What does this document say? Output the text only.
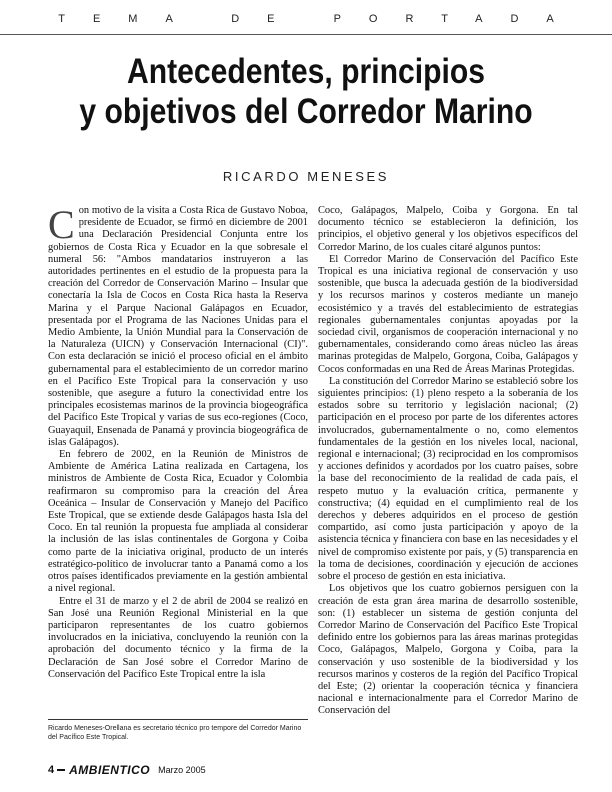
TEMA DE PORTADA
Antecedentes, principios
y objetivos del Corredor Marino
RICARDO MENESES

Con motivo de la visita a Costa Rica de Gustavo Noboa, presidente de Ecuador, se firmó en diciembre de 2001 una Declaración Presidencial Conjunta entre los gobiernos de Costa Rica y Ecuador en la que sobresale el numeral 56: "Ambos mandatarios instruyeron a las autoridades pertinentes en el estudio de la propuesta para la creación del Corredor de Conservación Marino – Insular que conectaría la Isla de Cocos en Costa Rica hasta la Reserva Marina y el Parque Nacional Galápagos en Ecuador, presentada por el Programa de las Naciones Unidas para el Medio Ambiente, la Unión Mundial para la Conservación de la Naturaleza (UICN) y Conservación Internacional (CI)". Con esta declaración se inició el proceso oficial en el ámbito gubernamental para el establecimiento de un corredor marino en el Pacífico Este Tropical para la conservación y uso sostenible, que asegure a futuro la conectividad entre los principales ecosistemas marinos de la provincia biogeográfica del Pacífico Este Tropical y varias de sus eco-regiones (Coco, Guayaquil, Ensenada de Panamá y provincia biogeográfica de islas Galápagos).

En febrero de 2002, en la Reunión de Ministros de Ambiente de América Latina realizada en Cartagena, los ministros de Ambiente de Costa Rica, Ecuador y Colombia reafirmaron su compromiso para la creación del Área Oceánica – Insular de Conservación y Manejo del Pacífico Este Tropical, que se extiende desde Galápagos hasta Isla del Coco. En tal reunión la propuesta fue ampliada al considerar la inclusión de las islas continentales de Gorgona y Coiba como parte de la iniciativa original, producto de un interés estratégico-político de involucrar tanto a Panamá como a los otros países identificados previamente en la gestión ambiental a nivel regional.

Entre el 31 de marzo y el 2 de abril de 2004 se realizó en San José una Reunión Regional Ministerial en la que participaron representantes de los cuatro gobiernos involucrados en la iniciativa, concluyendo la reunión con la aprobación del documento técnico y la firma de la Declaración de San José sobre el Corredor Marino de Conservación del Pacífico Este Tropical entre la isla

Coco, Galápagos, Malpelo, Coiba y Gorgona. En tal documento técnico se establecieron la definición, los principios, el objetivo general y los objetivos específicos del Corredor Marino, de los cuales citaré algunos puntos:

El Corredor Marino de Conservación del Pacífico Este Tropical es una iniciativa regional de conservación y uso sostenible, que busca la adecuada gestión de la biodiversidad y los recursos marinos y costeros mediante un manejo ecosistémico y a través del establecimiento de estrategias regionales gubernamentales conjuntas apoyadas por la sociedad civil, organismos de cooperación internacional y no gubernamentales, considerando como áreas núcleo las áreas marinas protegidas de Malpelo, Gorgona, Coiba, Galápagos y Cocos conformadas en una Red de Áreas Marinas Protegidas.

La constitución del Corredor Marino se estableció sobre los siguientes principios: (1) pleno respeto a la soberanía de los estados sobre su territorio y legislación nacional; (2) participación en el proceso por parte de los diferentes actores involucrados, gubernamentalmente o no, como elementos fundamentales de la gestión en los niveles local, nacional, regional e internacional; (3) reciprocidad en los compromisos y acciones definidos y acordados por los cuatro países, sobre la base del reconocimiento de la realidad de cada país, el respeto mutuo y la evaluación crítica, permanente y constructiva; (4) equidad en el cumplimiento real de los derechos y deberes adquiridos en el proceso de gestión compartido, así como justa participación y apoyo de la asistencia técnica y financiera con base en las necesidades y el nivel de compromiso existente por país, y (5) transparencia en la toma de decisiones, coordinación y ejecución de acciones sobre el proceso de gestión en esta iniciativa.

Los objetivos que los cuatro gobiernos persiguen con la creación de esta gran área marina de desarrollo sostenible, son: (1) establecer un sistema de gestión conjunta del Corredor Marino de Conservación del Pacífico Este Tropical definido entre los gobiernos para las áreas marinas protegidas Coco, Galápagos, Malpelo, Gorgona y Coiba, para la conservación y uso sostenible de la biodiversidad y los recursos marinos y costeros de la región del Pacífico Tropical del Este; (2) orientar la cooperación técnica y financiera nacional e internacionalmente para el Corredor Marino de Conservación del

Ricardo Meneses-Orellana es secretario técnico pro tempore del Corredor Marino del Pacífico Este Tropical.
4 AMBIENTICO Marzo 2005
